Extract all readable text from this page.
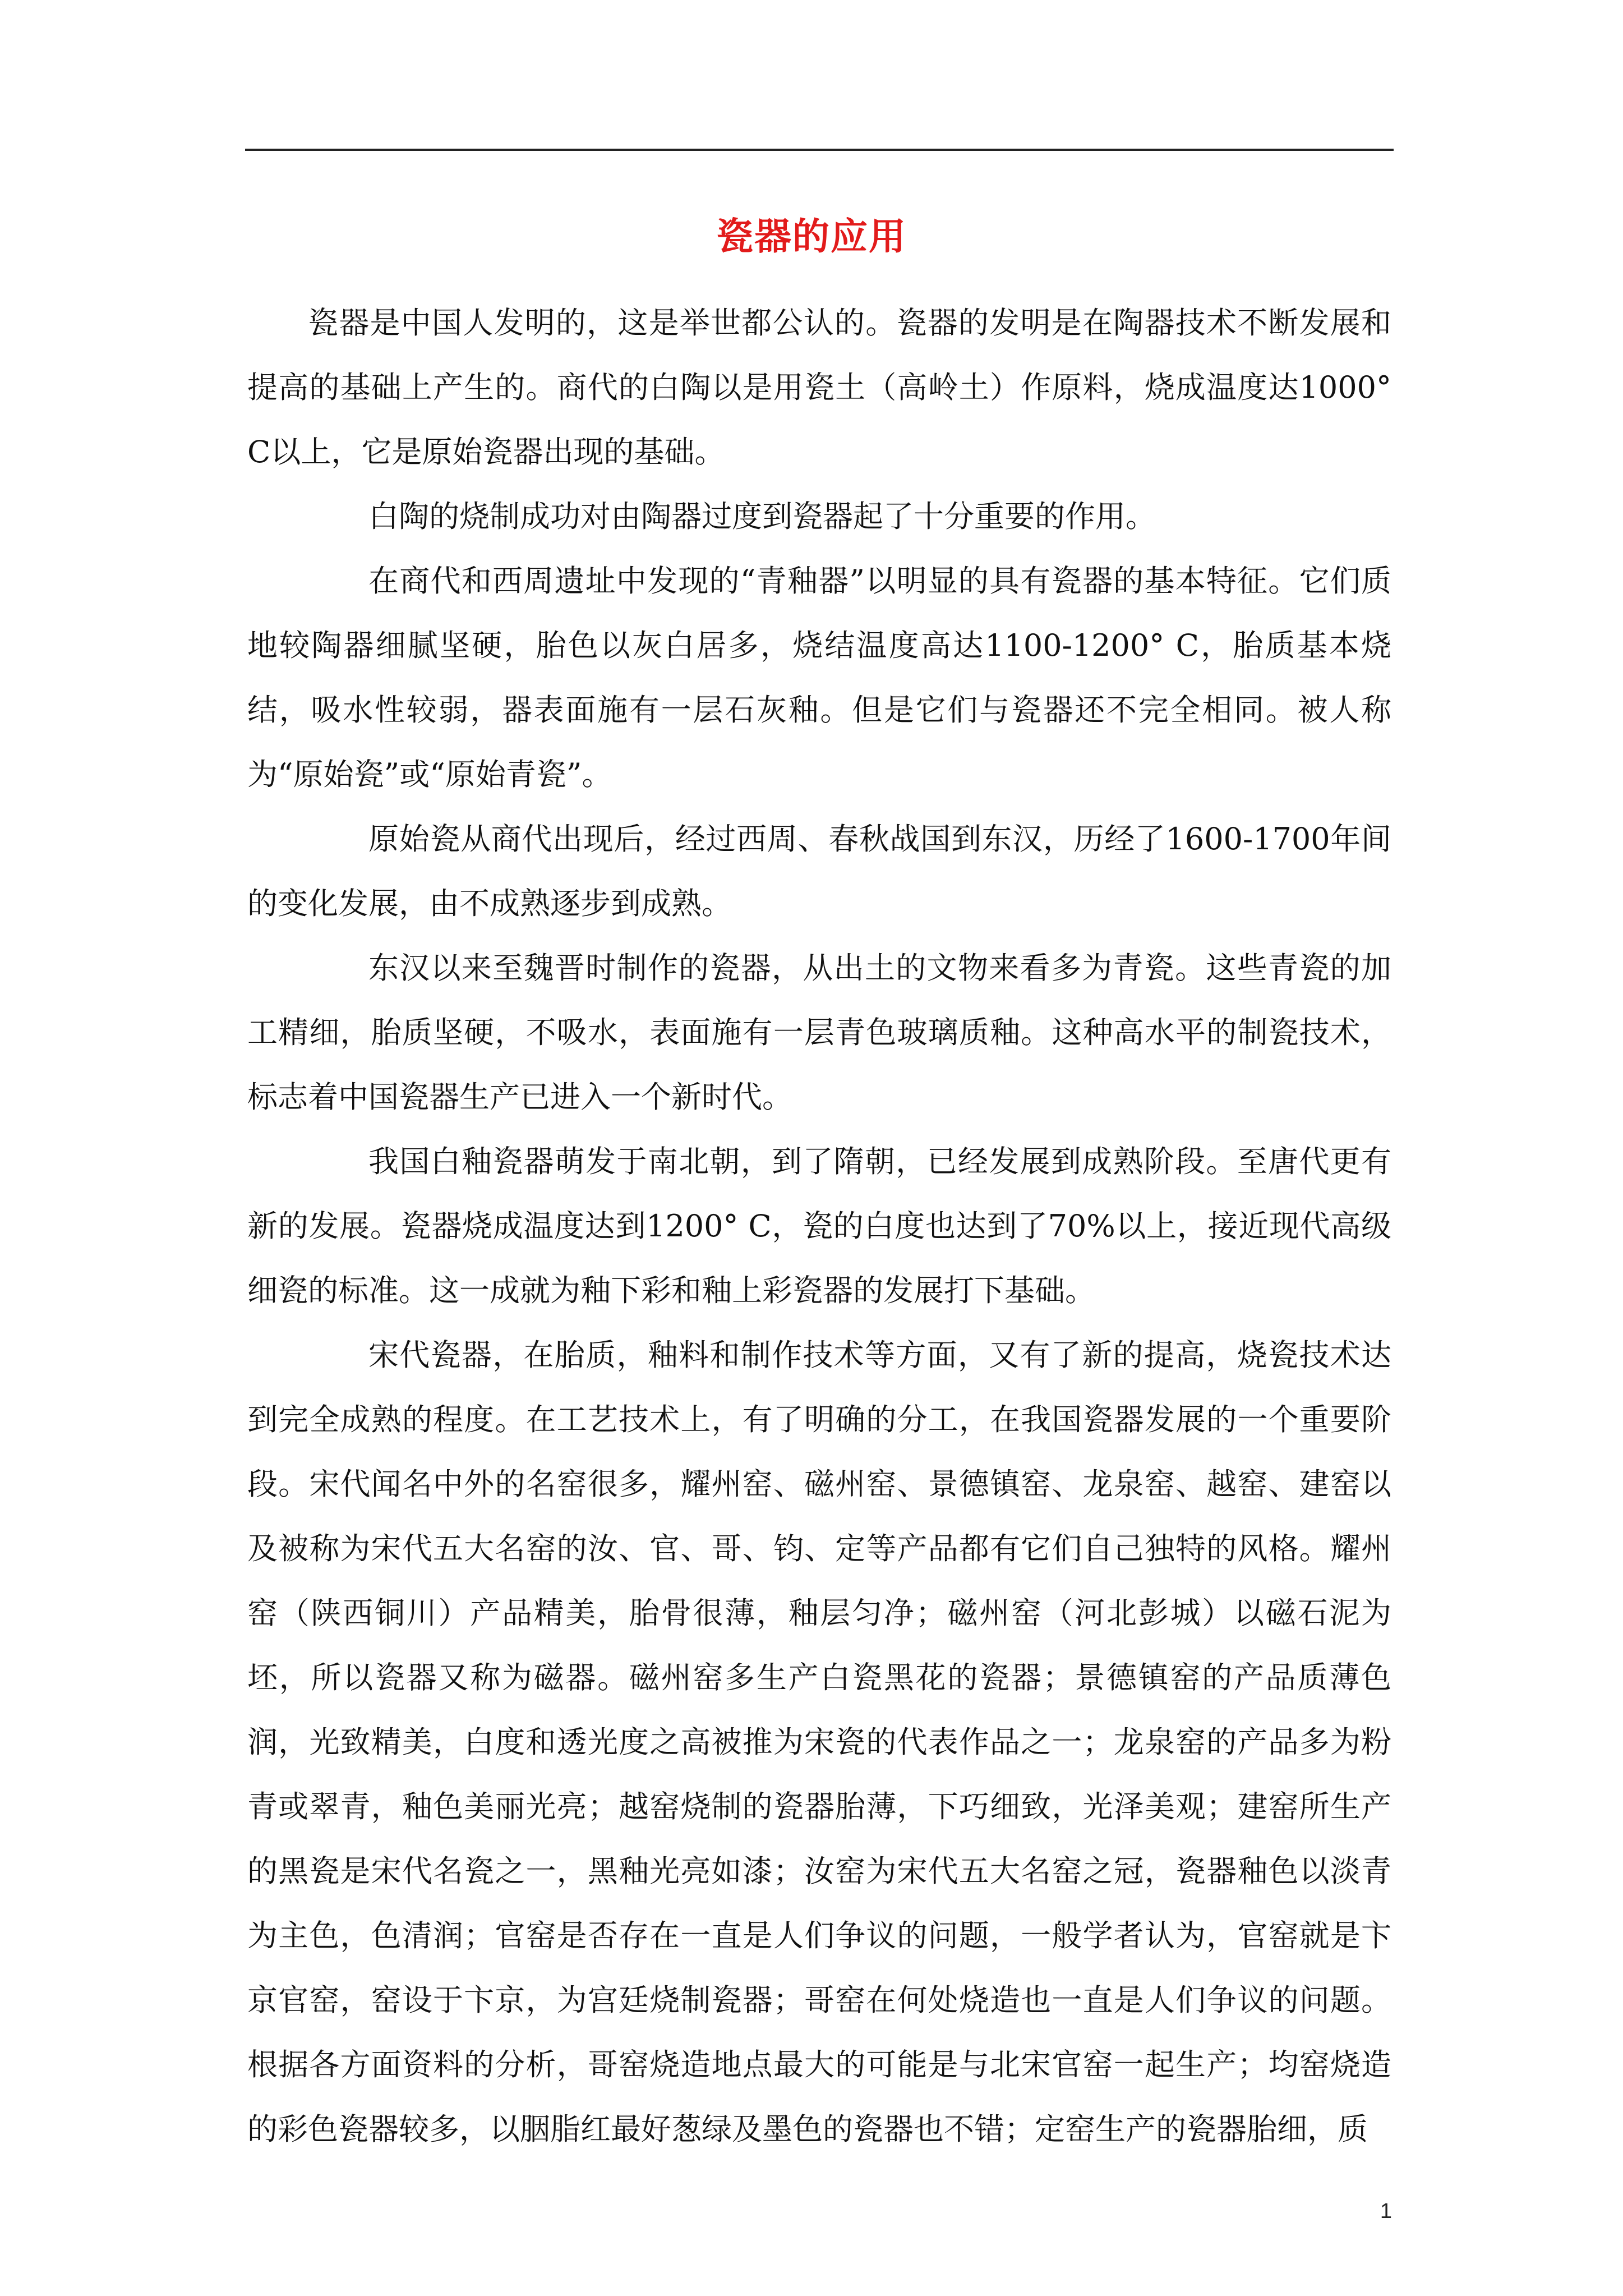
瓷器的应用

瓷器是中国人发明的，这是举世都公认的。瓷器的发明是在陶器技术不断发展和提高的基础上产生的。商代的白陶以是用瓷土（高岭土）作原料，烧成温度达1000° C以上，它是原始瓷器出现的基础。

白陶的烧制成功对由陶器过度到瓷器起了十分重要的作用。

在商代和西周遗址中发现的“青釉器”以明显的具有瓷器的基本特征。它们质地较陶器细腻坚硬，胎色以灰白居多，烧结温度高达1100-1200° C，胎质基本烧结，吸水性较弱，器表面施有一层石灰釉。但是它们与瓷器还不完全相同。被人称为“原始瓷”或“原始青瓷”。

原始瓷从商代出现后，经过西周、春秋战国到东汉，历经了1600-1700年间的变化发展，由不成熟逐步到成熟。

东汉以来至魏晋时制作的瓷器，从出土的文物来看多为青瓷。这些青瓷的加工精细，胎质坚硬，不吸水，表面施有一层青色玻璃质釉。这种高水平的制瓷技术，标志着中国瓷器生产已进入一个新时代。

我国白釉瓷器萌发于南北朝，到了隋朝，已经发展到成熟阶段。至唐代更有新的发展。瓷器烧成温度达到1200° C，瓷的白度也达到了70%以上，接近现代高级细瓷的标准。这一成就为釉下彩和釉上彩瓷器的发展打下基础。

宋代瓷器，在胎质，釉料和制作技术等方面，又有了新的提高，烧瓷技术达到完全成熟的程度。在工艺技术上，有了明确的分工，在我国瓷器发展的一个重要阶段。宋代闻名中外的名窑很多，耀州窑、磁州窑、景德镇窑、龙泉窑、越窑、建窑以及被称为宋代五大名窑的汝、官、哥、钧、定等产品都有它们自己独特的风格。耀州窑（陕西铜川）产品精美，胎骨很薄，釉层匀净；磁州窑（河北彭城）以磁石泥为坯，所以瓷器又称为磁器。磁州窑多生产白瓷黑花的瓷器；景德镇窑的产品质薄色润，光致精美，白度和透光度之高被推为宋瓷的代表作品之一；龙泉窑的产品多为粉青或翠青，釉色美丽光亮；越窑烧制的瓷器胎薄，下巧细致，光泽美观；建窑所生产的黑瓷是宋代名瓷之一，黑釉光亮如漆；汝窑为宋代五大名窑之冠，瓷器釉色以淡青为主色，色清润；官窑是否存在一直是人们争议的问题，一般学者认为，官窑就是卞京官窑，窑设于卞京，为宫廷烧制瓷器；哥窑在何处烧造也一直是人们争议的问题。根据各方面资料的分析，哥窑烧造地点最大的可能是与北宋官窑一起生产；均窑烧造的彩色瓷器较多，以胭脂红最好葱绿及墨色的瓷器也不错；定窑生产的瓷器胎细，质

1
